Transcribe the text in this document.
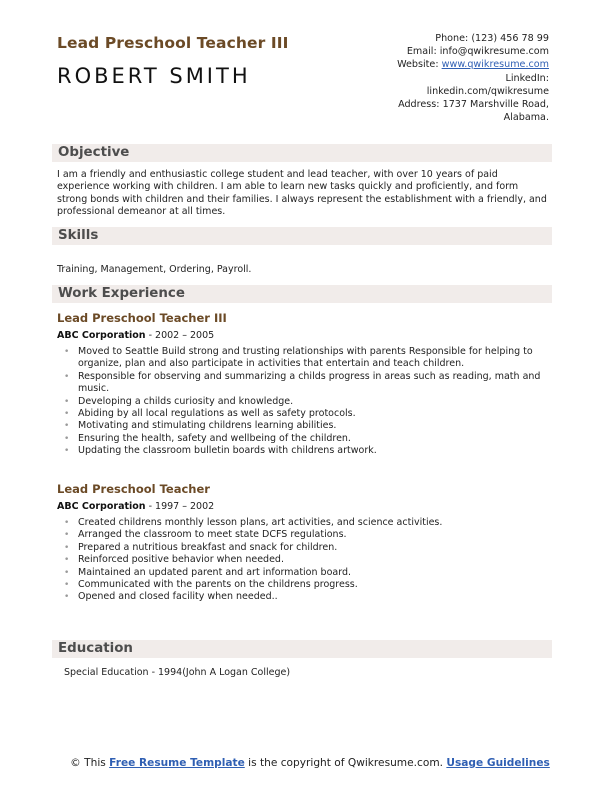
Lead Preschool Teacher III
ROBERT SMITH
Phone: (123) 456 78 99
Email: info@qwikresume.com
Website: www.qwikresume.com
LinkedIn:
linkedin.com/qwikresume
Address: 1737 Marshville Road,
Alabama.
Objective
I am a friendly and enthusiastic college student and lead teacher, with over 10 years of paid experience working with children. I am able to learn new tasks quickly and proficiently, and form strong bonds with children and their families. I always represent the establishment with a friendly, and professional demeanor at all times.
Skills
Training, Management, Ordering, Payroll.
Work Experience
Lead Preschool Teacher III
ABC Corporation - 2002 – 2005
• Moved to Seattle Build strong and trusting relationships with parents Responsible for helping to organize, plan and also participate in activities that entertain and teach children.
• Responsible for observing and summarizing a childs progress in areas such as reading, math and music.
• Developing a childs curiosity and knowledge.
• Abiding by all local regulations as well as safety protocols.
• Motivating and stimulating childrens learning abilities.
• Ensuring the health, safety and wellbeing of the children.
• Updating the classroom bulletin boards with childrens artwork.
Lead Preschool Teacher
ABC Corporation - 1997 – 2002
• Created childrens monthly lesson plans, art activities, and science activities.
• Arranged the classroom to meet state DCFS regulations.
• Prepared a nutritious breakfast and snack for children.
• Reinforced positive behavior when needed.
• Maintained an updated parent and art information board.
• Communicated with the parents on the childrens progress.
• Opened and closed facility when needed..
Education
Special Education - 1994(John A Logan College)
© This Free Resume Template is the copyright of Qwikresume.com. Usage Guidelines
